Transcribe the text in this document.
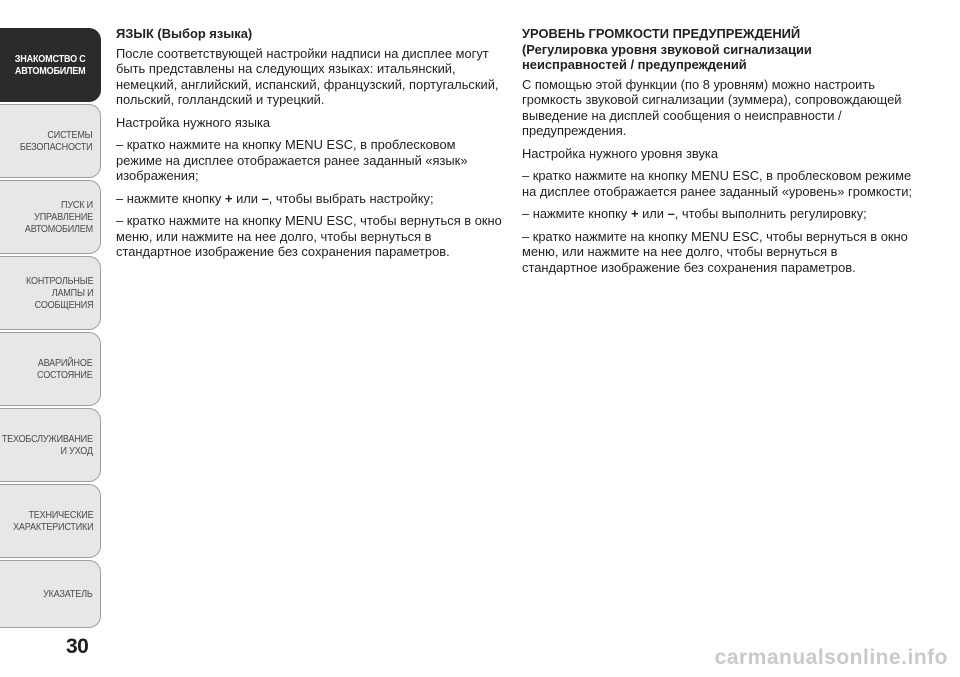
ЗНАКОМСТВО С
АВТОМОБИЛЕМ
СИСТЕМЫ
БЕЗОПАСНОСТИ
ПУСК И УПРАВЛЕНИЕ
АВТОМОБИЛЕМ
КОНТРОЛЬНЫЕ
ЛАМПЫ И
СООБЩЕНИЯ
АВАРИЙНОЕ
СОСТОЯНИЕ
ТЕХОБСЛУЖИВАНИЕ
И УХОД
ТЕХНИЧЕСКИЕ
ХАРАКТЕРИСТИКИ
УКАЗАТЕЛЬ
30

ЯЗЫК (Выбор языка)

После соответствующей настройки надписи на дисплее могут быть представлены на следующих языках: итальянский, немецкий, английский, испанский, французский, португальский, польский, голландский и турецкий.

Настройка нужного языка

– кратко нажмите на кнопку MENU ESC, в проблесковом режиме на дисплее отображается ранее заданный «язык» изображения;

– нажмите кнопку + или –, чтобы выбрать настройку;

– кратко нажмите на кнопку MENU ESC, чтобы вернуться в окно меню, или нажмите на нее долго, чтобы вернуться в стандартное изображение без сохранения параметров.

УРОВЕНЬ ГРОМКОСТИ ПРЕДУПРЕЖДЕНИЙ
(Регулировка уровня звуковой сигнализации неисправностей / предупреждений

С помощью этой функции (по 8 уровням) можно настроить громкость звуковой сигнализации (зуммера), сопровождающей выведение на дисплей сообщения о неисправности /предупреждения.

Настройка нужного уровня звука

– кратко нажмите на кнопку MENU ESC, в проблесковом режиме на дисплее отображается ранее заданный «уровень» громкости;

– нажмите кнопку + или –, чтобы выполнить регулировку;

– кратко нажмите на кнопку MENU ESC, чтобы вернуться в окно меню, или нажмите на нее долго, чтобы вернуться в стандартное изображение без сохранения параметров.

carmanualsonline.info
